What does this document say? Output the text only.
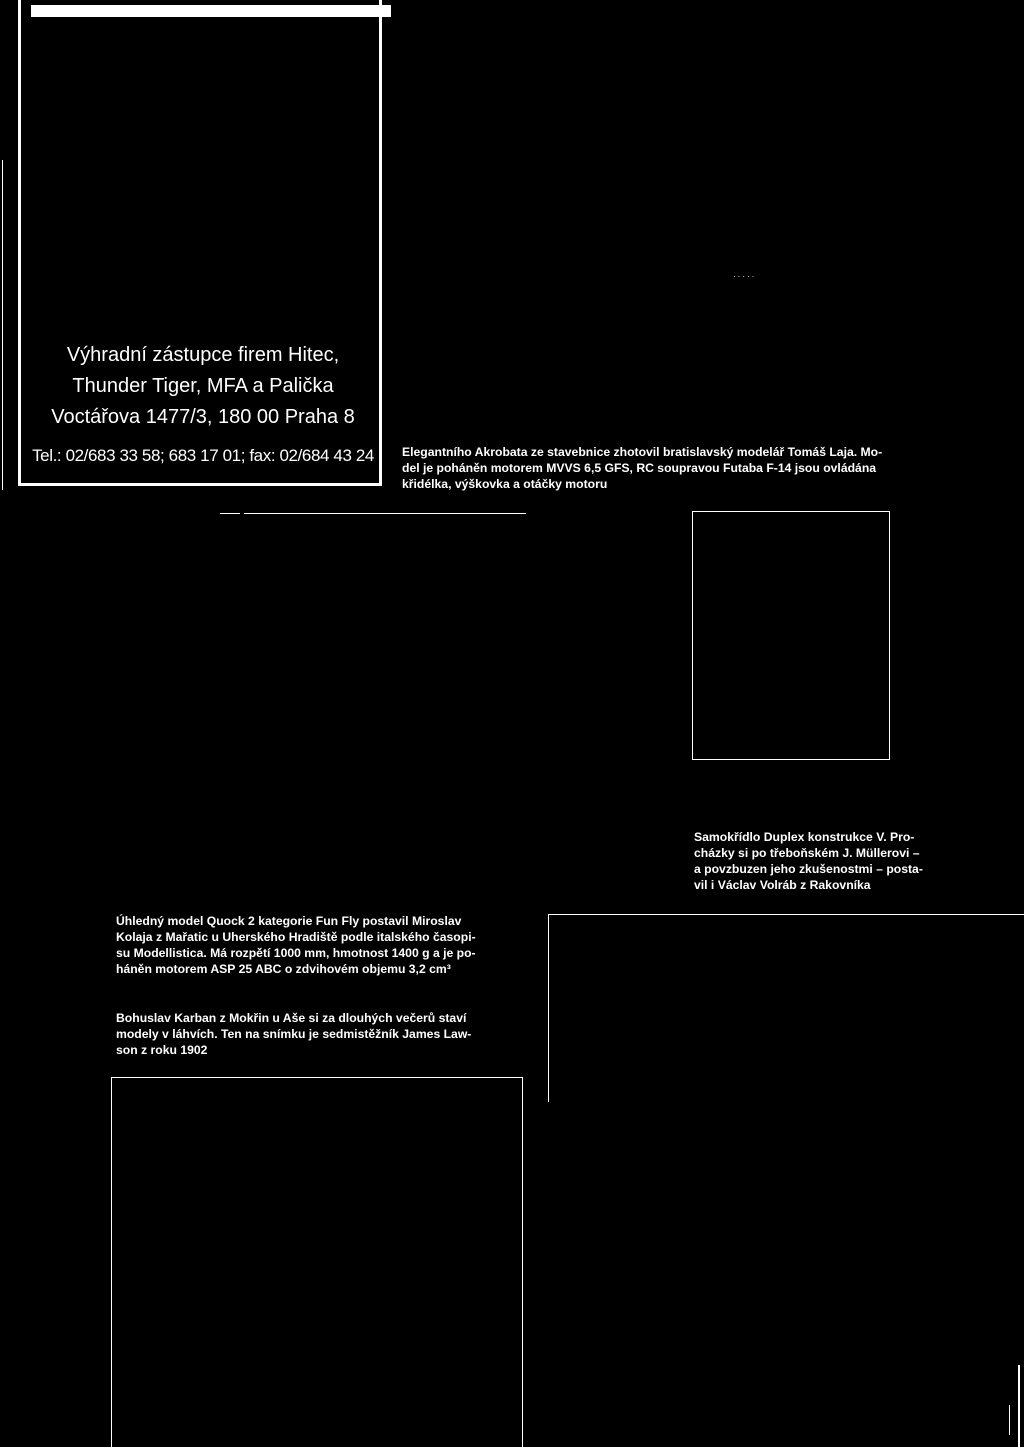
Výhradní zástupce firem Hitec,
Thunder Tiger, MFA a Palička
Voctářova 1477/3, 180 00 Praha 8
Tel.: 02/683 33 58; 683 17 01; fax: 02/684 43 24
·····

Elegantního Akrobata ze stavebnice zhotovil bratislavský modelář Tomáš Laja. Mo-

del je poháněn motorem MVVS 6,5 GFS, RC soupravou Futaba F-14 jsou ovládána

křidélka, výškovka a otáčky motoru

Samokřídlo Duplex konstrukce V. Pro-

cházky si po třeboňském J. Müllerovi –

a povzbuzen jeho zkušenostmi – posta-

vil i Václav Volráb z Rakovníka

Úhledný model Quock 2 kategorie Fun Fly postavil Miroslav

Kolaja z Mařatic u Uherského Hradiště podle italského časopi-

su Modellistica. Má rozpětí 1000 mm, hmotnost 1400 g a je po-

háněn motorem ASP 25 ABC o zdvihovém objemu 3,2 cm³

Bohuslav Karban z Mokřin u Aše si za dlouhých večerů staví

modely v láhvích. Ten na snímku je sedmistěžník James Law-

son z roku 1902
